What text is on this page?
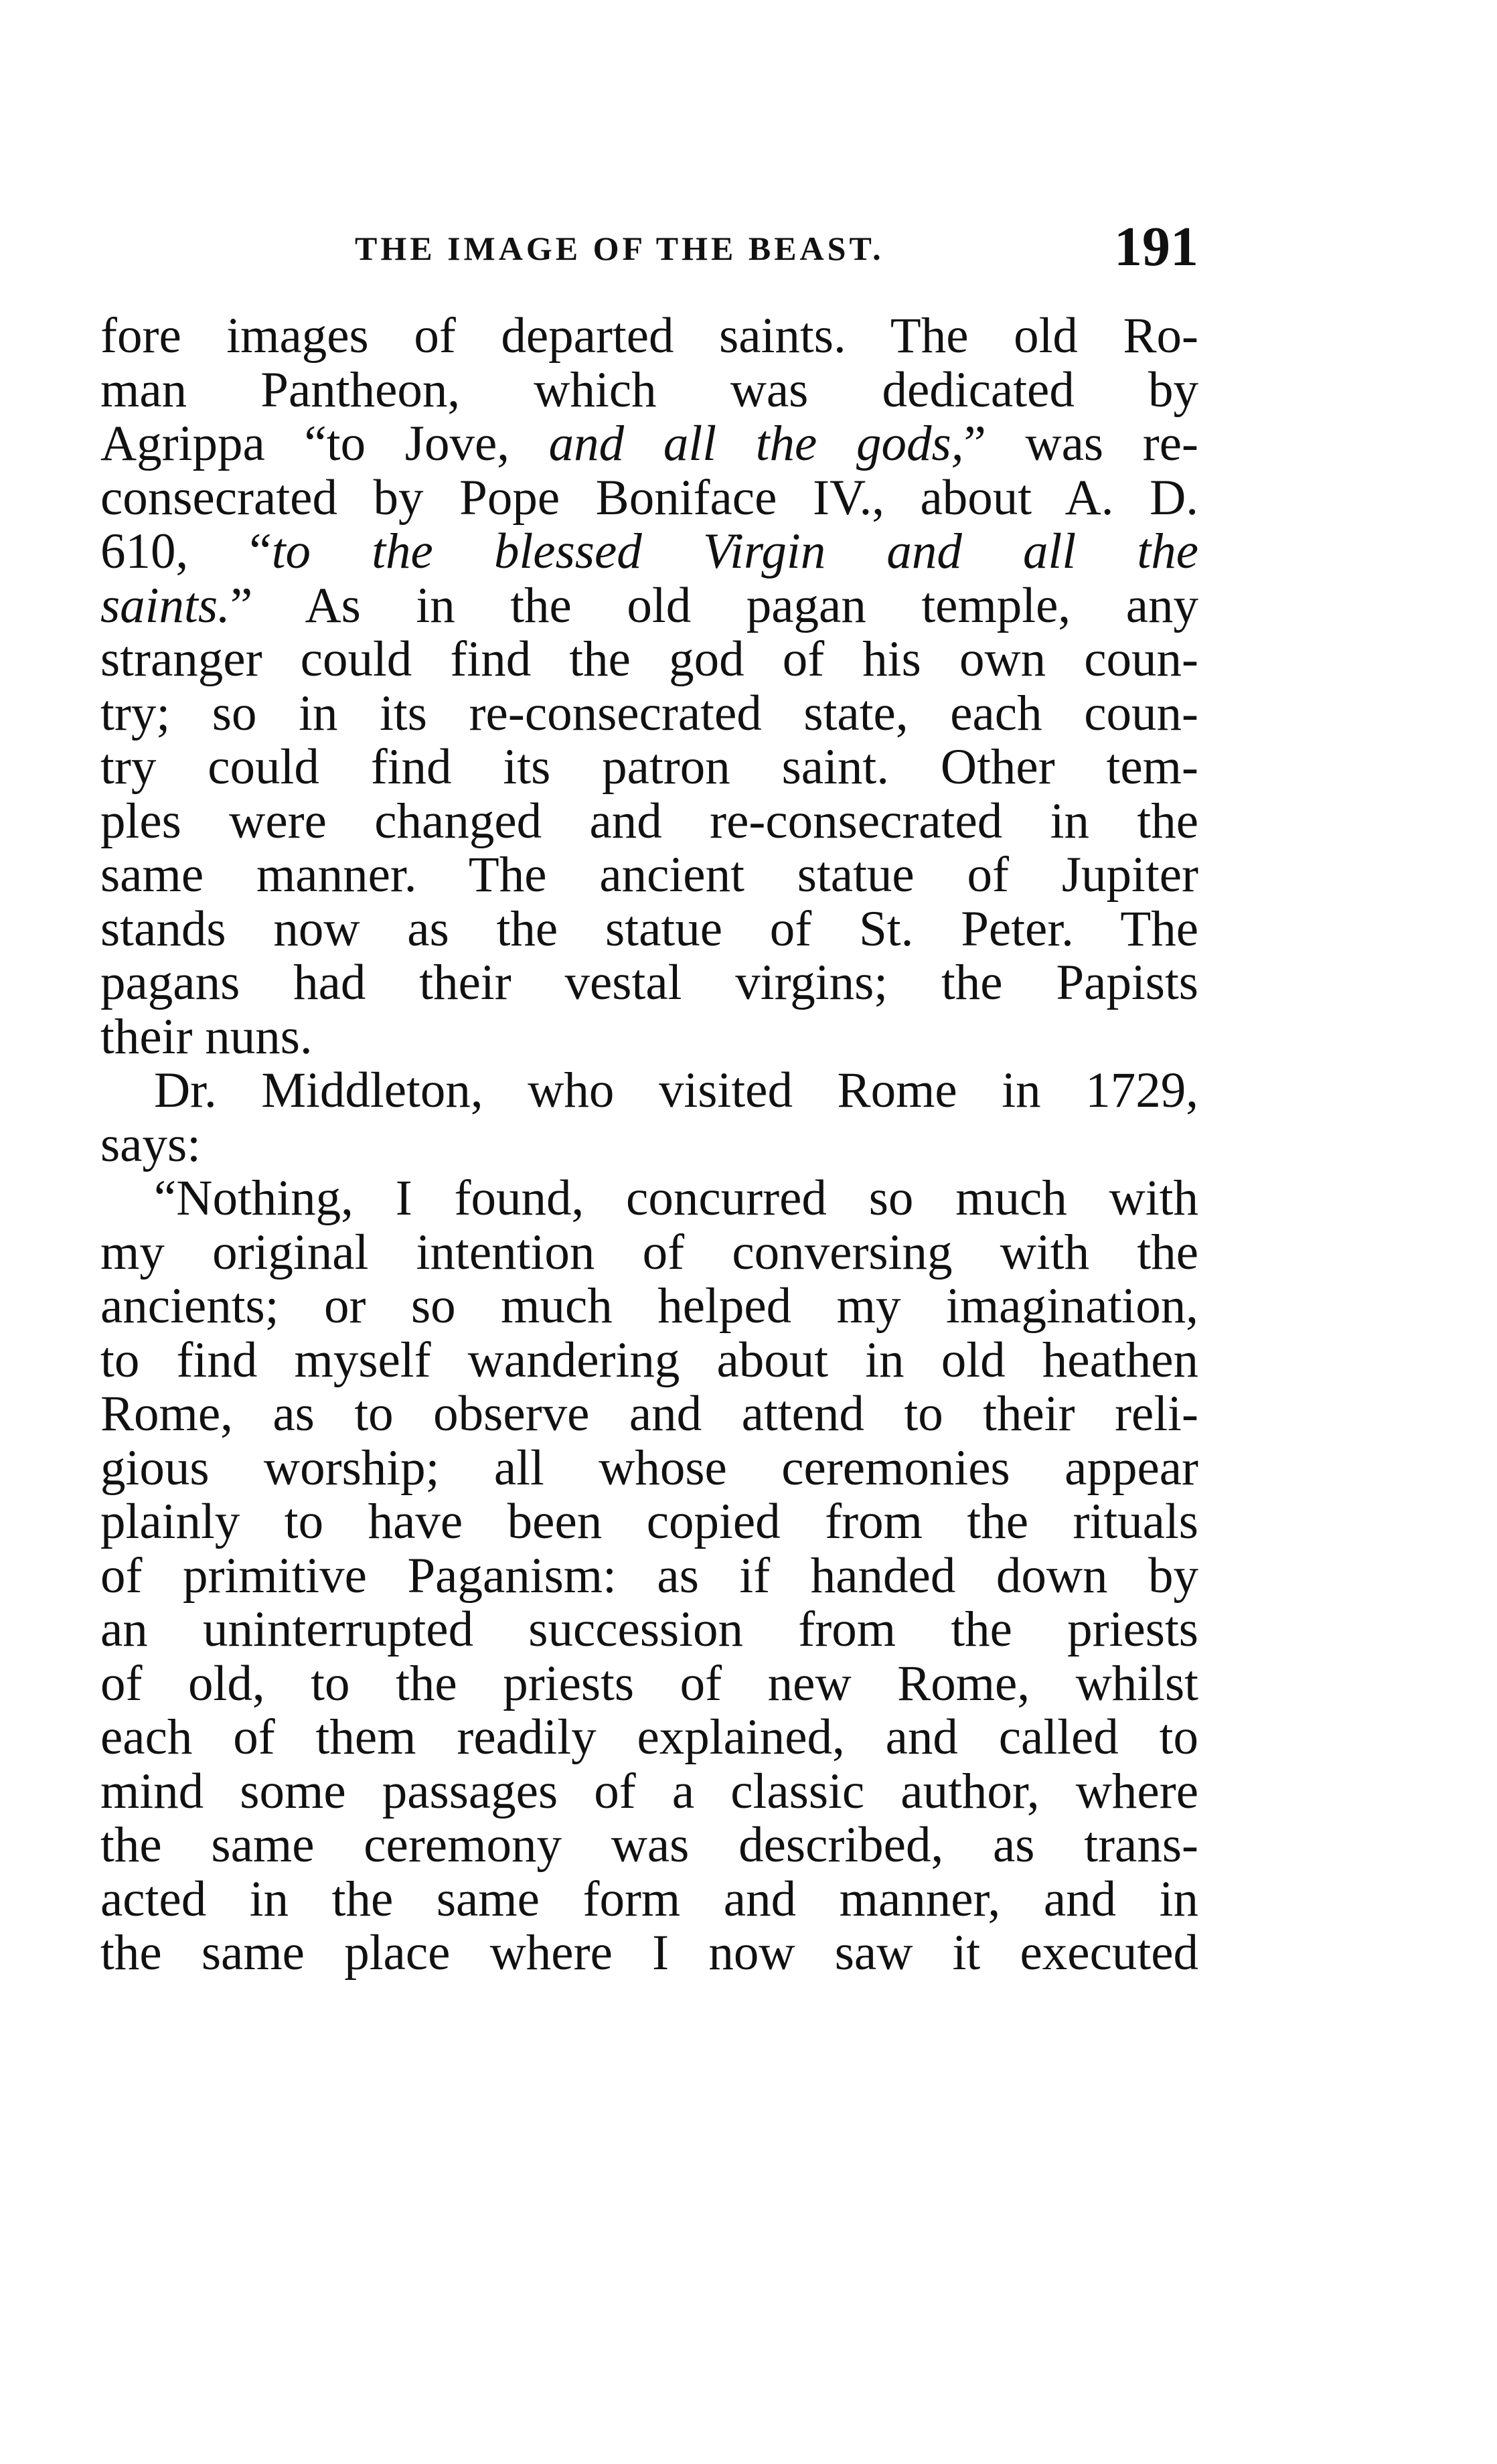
THE IMAGE OF THE BEAST.	191
fore images of departed saints. The old Ro-
man Pantheon, which was dedicated by
Agrippa “to Jove, and all the gods,” was re-
consecrated by Pope Boniface IV., about A. D.
610, “to the blessed Virgin and all the
saints.” As in the old pagan temple, any
stranger could find the god of his own coun-
try; so in its re-consecrated state, each coun-
try could find its patron saint. Other tem-
ples were changed and re-consecrated in the
same manner. The ancient statue of Jupiter
stands now as the statue of St. Peter. The
pagans had their vestal virgins; the Papists
their nuns.
Dr. Middleton, who visited Rome in 1729,
says:
“Nothing, I found, concurred so much with
my original intention of conversing with the
ancients; or so much helped my imagination,
to find myself wandering about in old heathen
Rome, as to observe and attend to their reli-
gious worship; all whose ceremonies appear
plainly to have been copied from the rituals
of primitive Paganism: as if handed down by
an uninterrupted succession from the priests
of old, to the priests of new Rome, whilst
each of them readily explained, and called to
mind some passages of a classic author, where
the same ceremony was described, as trans-
acted in the same form and manner, and in
the same place where I now saw it executed
